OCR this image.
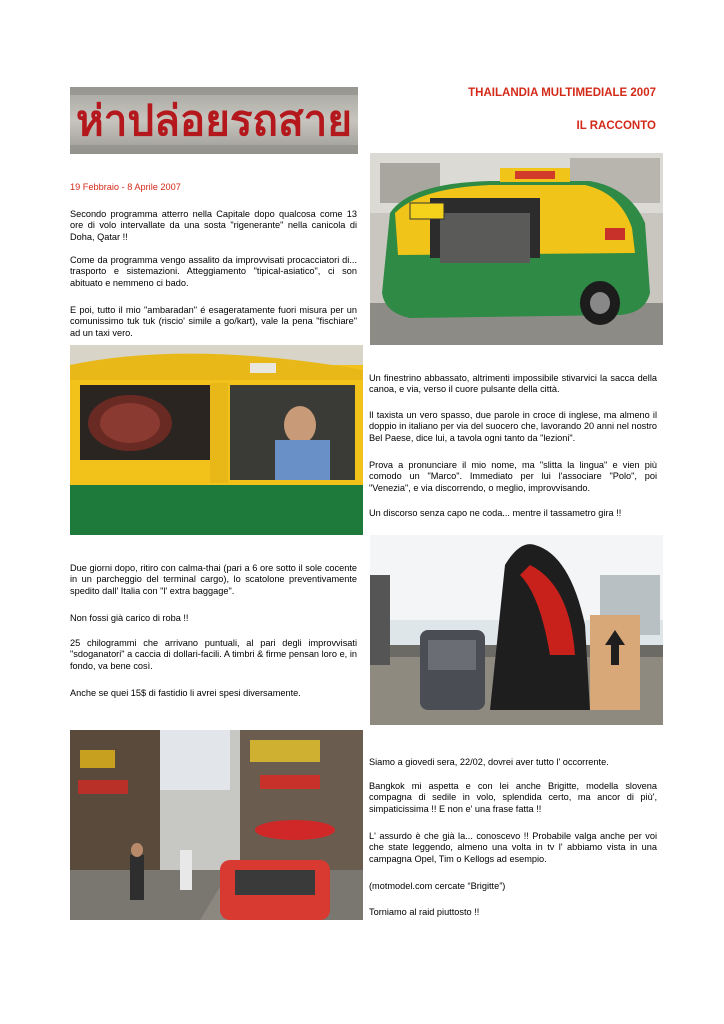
ห่าปล่อยรถสาย
THAILANDIA MULTIMEDIALE 2007
IL RACCONTO
19 Febbraio - 8 Aprile 2007
Secondo programma atterro nella Capitale dopo qualcosa come 13 ore di volo intervallate da una sosta "rigenerante" nella canicola di Doha, Qatar !!
Come da programma vengo assalito da improvvisati procacciatori di... trasporto e sistemazioni. Atteggiamento "tipical-asiatico", ci son abituato e nemmeno ci bado.
E poi, tutto il mio "ambaradan" é esageratamente fuori misura per un comunissimo tuk tuk (riscio' simile a go/kart), vale la pena "fischiare" ad un taxi vero.
Un finestrino abbassato, altrimenti impossibile stivarvici la sacca della canoa, e via, verso il cuore pulsante della città.
Il taxista un vero spasso, due parole in croce di inglese, ma almeno il doppio in italiano per via del suocero che, lavorando 20 anni nel nostro Bel Paese, dice lui, a tavola ogni tanto da "lezioni".
Prova a pronunciare il mio nome, ma "slitta la lingua" e vien più comodo un "Marco". Immediato per lui l'associare "Polo", poi "Venezia", e via discorrendo, o meglio, improvvisando.
Un discorso senza capo ne coda... mentre il tassametro gira !!
Due giorni dopo, ritiro con calma-thai (pari a 6 ore sotto il sole cocente in un parcheggio del terminal cargo), lo scatolone preventivamente spedito dall' Italia con "l' extra baggage".
Non fossi già carico di roba !!
25 chilogrammi che arrivano puntuali, al pari degli improvvisati "sdoganatori" a caccia di dollari-facili. A timbri & firme pensan loro e, in fondo, va bene così.
Anche se quei 15$ di fastidio li avrei spesi diversamente.
Siamo a giovedi sera, 22/02, dovrei aver tutto l' occorrente.
Bangkok mi aspetta e con lei anche Brigitte, modella slovena compagna di sedile in volo, splendida certo, ma ancor di più', simpaticissima !! E non e' una frase fatta !!
L' assurdo è che già la... conoscevo !! Probabile valga anche per voi che state leggendo, almeno una volta in tv l' abbiamo vista in una campagna Opel, Tim o Kellogs ad esempio.
(motmodel.com cercate “Brigitte”)
Torniamo al raid piuttosto !!
